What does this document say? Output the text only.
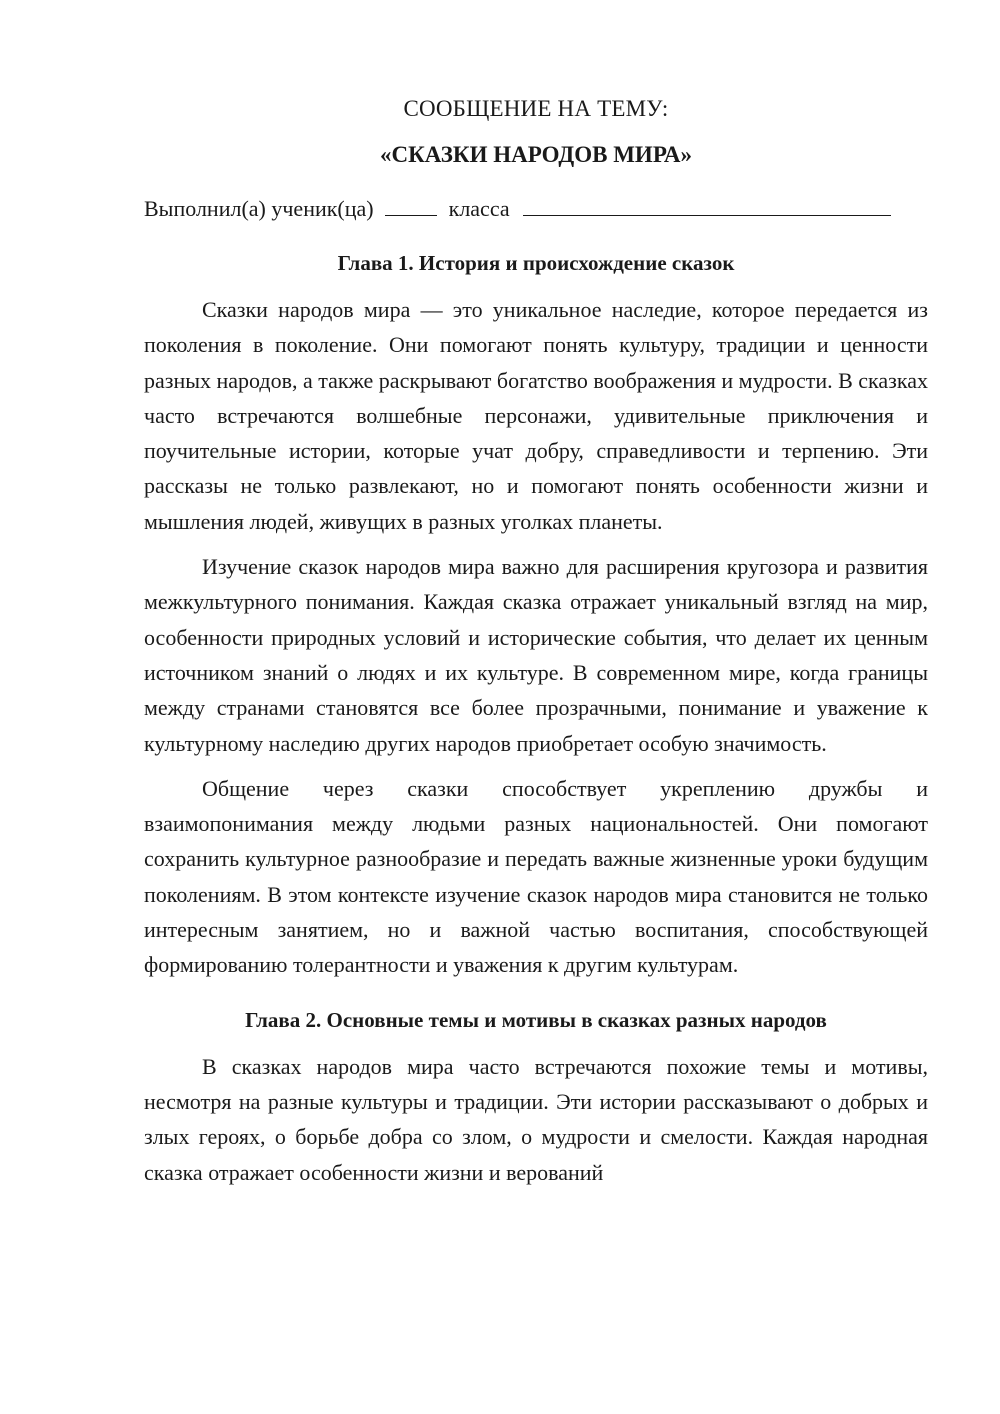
СООБЩЕНИЕ НА ТЕМУ:

«СКАЗКИ НАРОДОВ МИРА»

Выполнил(а) ученик(ца)	класса

Глава 1. История и происхождение сказок

Сказки народов мира — это уникальное наследие, которое передается из поколения в поколение. Они помогают понять культуру, традиции и ценности разных народов, а также раскрывают богатство воображения и мудрости. В сказках часто встречаются волшебные персонажи, удивительные приключения и поучительные истории, которые учат добру, справедливости и терпению. Эти рассказы не только развлекают, но и помогают понять особенности жизни и мышления людей, живущих в разных уголках планеты.

Изучение сказок народов мира важно для расширения кругозора и развития межкультурного понимания. Каждая сказка отражает уникальный взгляд на мир, особенности природных условий и исторические события, что делает их ценным источником знаний о людях и их культуре. В современном мире, когда границы между странами становятся все более прозрачными, понимание и уважение к культурному наследию других народов приобретает особую значимость.

Общение через сказки способствует укреплению дружбы и взаимопонимания между людьми разных национальностей. Они помогают сохранить культурное разнообразие и передать важные жизненные уроки будущим поколениям. В этом контексте изучение сказок народов мира становится не только интересным занятием, но и важной частью воспитания, способствующей формированию толерантности и уважения к другим культурам.

Глава 2. Основные темы и мотивы в сказках разных народов

В сказках народов мира часто встречаются похожие темы и мотивы, несмотря на разные культуры и традиции. Эти истории рассказывают о добрых и злых героях, о борьбе добра со злом, о мудрости и смелости. Каждая народная сказка отражает особенности жизни и верований
